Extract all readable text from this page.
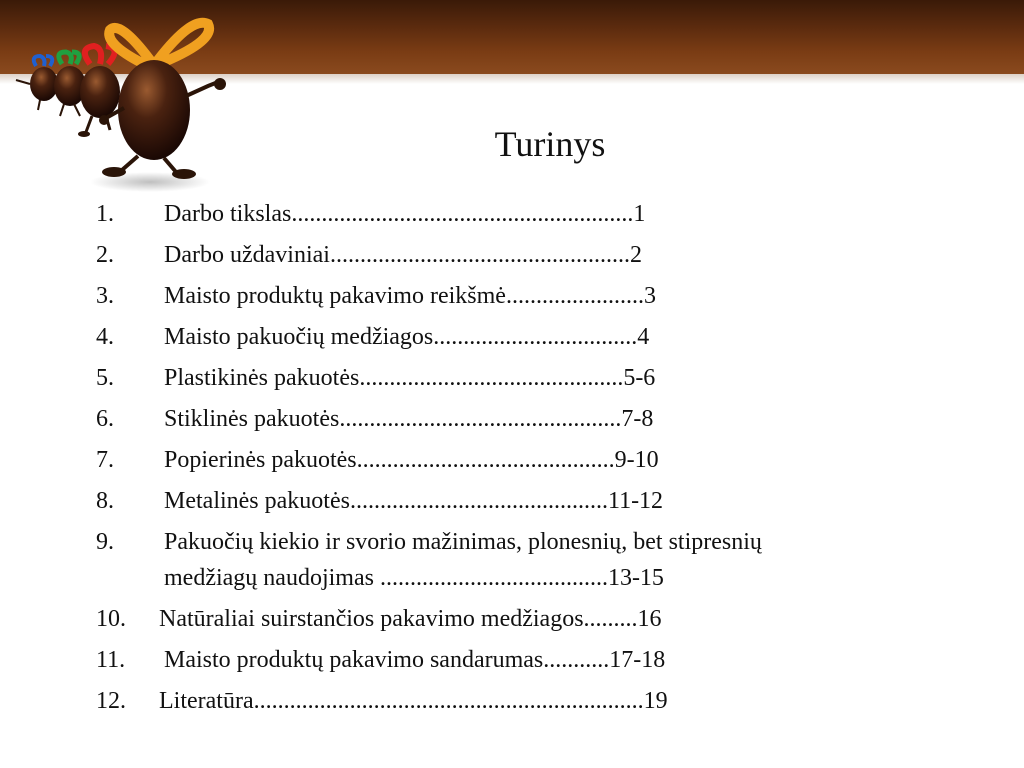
Turinys
1. Darbo tikslas.........................................................1
2. Darbo uždaviniai..................................................2
3. Maisto produktų pakavimo reikšmė.......................3
4. Maisto pakuočių medžiagos..................................4
5. Plastikinės pakuotės............................................5-6
6. Stiklinės pakuotės...............................................7-8
7. Popierinės pakuotės...........................................9-10
8. Metalinės pakuotės...........................................11-12
9. Pakuočių kiekio ir svorio mažinimas, plonesnių, bet stipresnių
medžiagų naudojimas ......................................13-15
10. Natūraliai suirstančios pakavimo medžiagos.........16
11. Maisto produktų pakavimo sandarumas...........17-18
12. Literatūra.................................................................19
